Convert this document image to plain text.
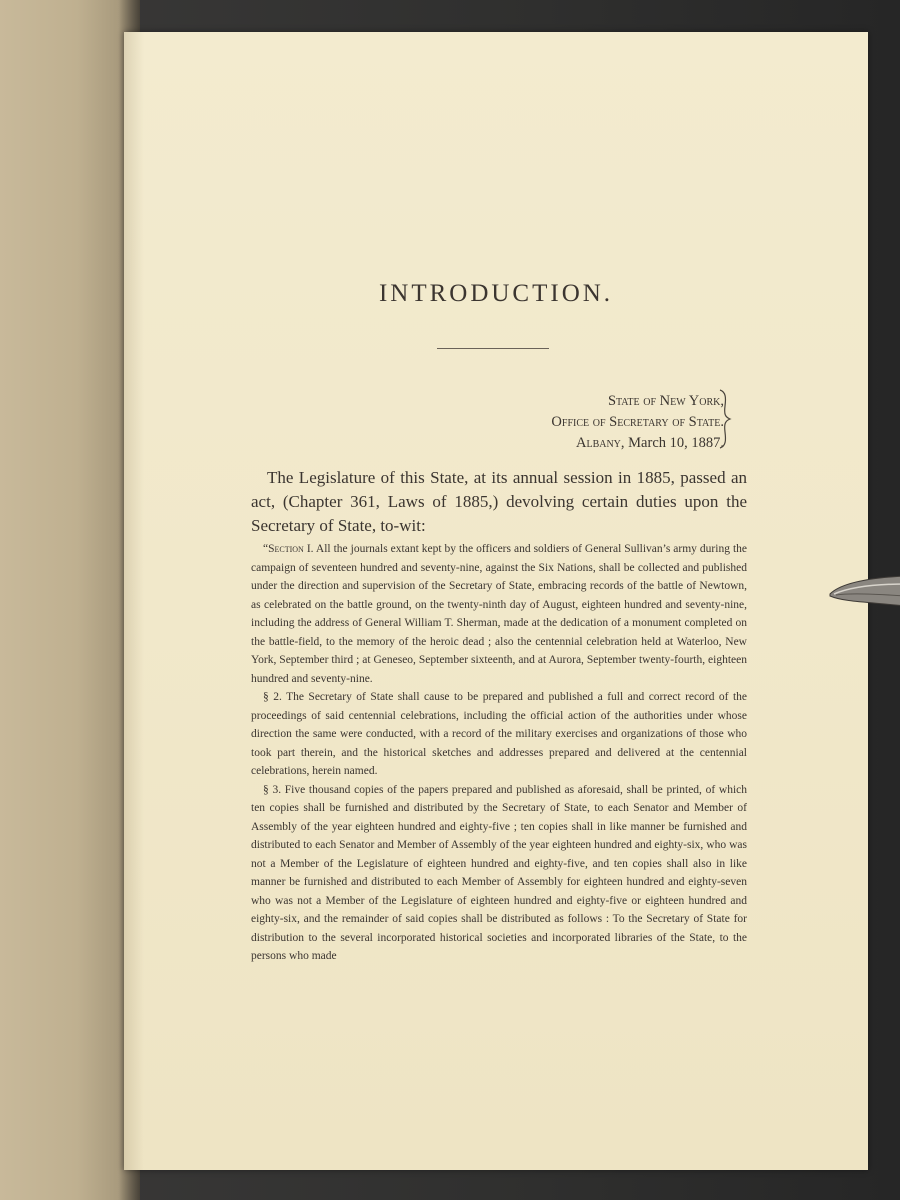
INTRODUCTION.
State of New York,
Office of Secretary of State.
Albany, March 10, 1887.
The Legislature of this State, at its annual session in 1885, passed an act, (Chapter 361, Laws of 1885,) devolving certain duties upon the Secretary of State, to-wit:

“Section I. All the journals extant kept by the officers and soldiers of General Sullivan’s army during the campaign of seventeen hundred and seventy-nine, against the Six Nations, shall be collected and published under the direction and supervision of the Secretary of State, embracing records of the battle of Newtown, as celebrated on the battle ground, on the twenty-ninth day of August, eighteen hundred and seventy-nine, including the address of General William T. Sherman, made at the dedication of a monument completed on the battle-field, to the memory of the heroic dead ; also the centennial celebration held at Waterloo, New York, September third ; at Geneseo, September sixteenth, and at Aurora, September twenty-fourth, eighteen hundred and seventy-nine.

§ 2. The Secretary of State shall cause to be prepared and published a full and correct record of the proceedings of said centennial celebrations, including the official action of the authorities under whose direction the same were conducted, with a record of the military exercises and organizations of those who took part therein, and the historical sketches and addresses prepared and delivered at the centennial celebrations, herein named.

§ 3. Five thousand copies of the papers prepared and published as aforesaid, shall be printed, of which ten copies shall be furnished and distributed by the Secretary of State, to each Senator and Member of Assembly of the year eighteen hundred and eighty-five ; ten copies shall in like manner be furnished and distributed to each Senator and Member of Assembly of the year eighteen hundred and eighty-six, who was not a Member of the Legislature of eighteen hundred and eighty-five, and ten copies shall also in like manner be furnished and distributed to each Member of Assembly for eighteen hundred and eighty-seven who was not a Member of the Legislature of eighteen hundred and eighty-five or eighteen hundred and eighty-six, and the remainder of said copies shall be distributed as follows : To the Secretary of State for distribution to the several incorporated historical societies and incorporated libraries of the State, to the persons who made
